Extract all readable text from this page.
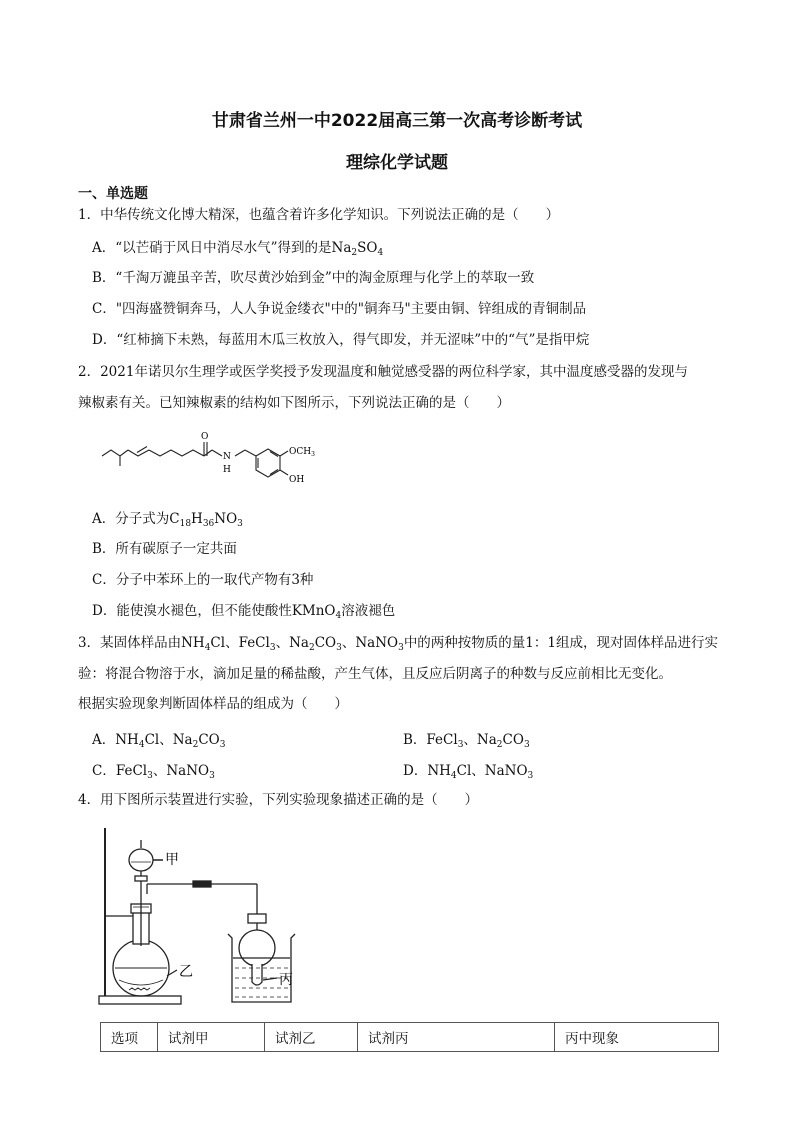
甘肃省兰州一中2022届高三第一次高考诊断考试
理综化学试题
一、单选题
1．中华传统文化博大精深，也蕴含着许多化学知识。下列说法正确的是（　　）
A．“以芒硝于风日中消尽水气”得到的是$Na_2SO_4$
B．“千淘万漉虽辛苦，吹尽黄沙始到金”中的淘金原理与化学上的萃取一致
C．"四海盛赞铜奔马，人人争说金缕衣"中的"铜奔马"主要由铜、锌组成的青铜制品
D．“红柿摘下未熟，每蓝用木瓜三枚放入，得气即发，并无涩味”中的“气”是指甲烷
2．2021年诺贝尔生理学或医学奖授予发现温度和触觉感受器的两位科学家，其中温度感受器的发现与
辣椒素有关。已知辣椒素的结构如下图所示，下列说法正确的是（　　）
O
N
H
$OCH_3$
OH
A．分子式为$C_{18}H_{36}NO_3$
B．所有碳原子一定共面
C．分子中苯环上的一取代产物有3种
D．能使溴水褪色，但不能使酸性KMnO$_4$溶液褪色
3．某固体样品由$NH_4Cl$、FeCl$_3$、$Na_2CO_3$、NaNO$_3$中的两种按物质的量1：1组成，现对固体样品进行实
验：将混合物溶于水，滴加足量的稀盐酸，产生气体，且反应后阴离子的种数与反应前相比无变化。
根据实验现象判断固体样品的组成为（　　）
A．$NH_4Cl$、$Na_2CO_3$	B．FeCl$_3$、$Na_2CO_3$
C．FeCl$_3$、NaNO$_3$	D．$NH_4Cl$、NaNO$_3$
4．用下图所示装置进行实验，下列实验现象描述正确的是（　　）
甲
乙	丙
选项	试剂甲	试剂乙	试剂丙	丙中现象
